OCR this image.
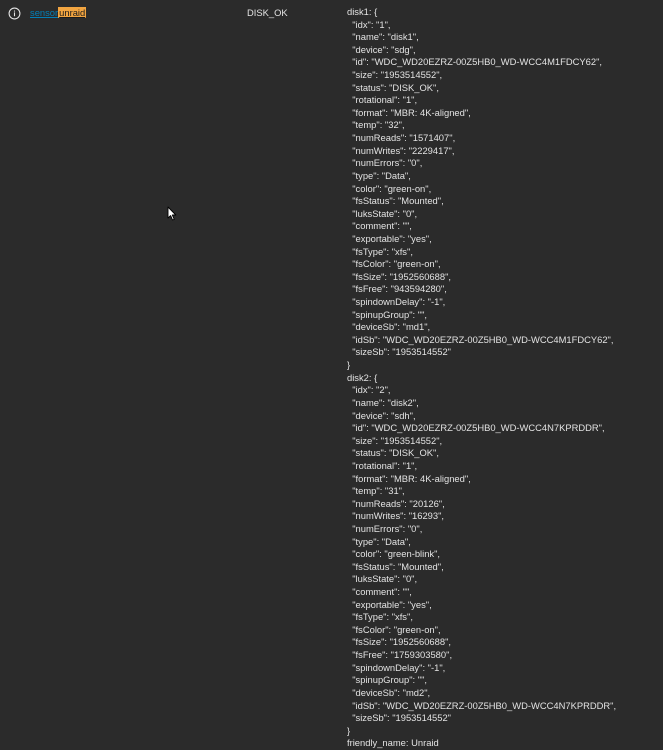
sensorunraid	DISK_OK	disk1: {
"idx": "1",
"name": "disk1",
"device": "sdg",
"id": "WDC_WD20EZRZ-00Z5HB0_WD-WCC4M1FDCY62",
"size": "1953514552",
"status": "DISK_OK",
"rotational": "1",
"format": "MBR: 4K-aligned",
"temp": "32",
"numReads": "1571407",
"numWrites": "2229417",
"numErrors": "0",
"type": "Data",
"color": "green-on",
"fsStatus": "Mounted",
"luksState": "0",
"comment": "",
"exportable": "yes",
"fsType": "xfs",
"fsColor": "green-on",
"fsSize": "1952560688",
"fsFree": "943594280",
"spindownDelay": "-1",
"spinupGroup": "",
"deviceSb": "md1",
"idSb": "WDC_WD20EZRZ-00Z5HB0_WD-WCC4M1FDCY62",
"sizeSb": "1953514552"
}
disk2: {
"idx": "2",
"name": "disk2",
"device": "sdh",
"id": "WDC_WD20EZRZ-00Z5HB0_WD-WCC4N7KPRDDR",
"size": "1953514552",
"status": "DISK_OK",
"rotational": "1",
"format": "MBR: 4K-aligned",
"temp": "31",
"numReads": "20126",
"numWrites": "16293",
"numErrors": "0",
"type": "Data",
"color": "green-blink",
"fsStatus": "Mounted",
"luksState": "0",
"comment": "",
"exportable": "yes",
"fsType": "xfs",
"fsColor": "green-on",
"fsSize": "1952560688",
"fsFree": "1759303580",
"spindownDelay": "-1",
"spinupGroup": "",
"deviceSb": "md2",
"idSb": "WDC_WD20EZRZ-00Z5HB0_WD-WCC4N7KPRDDR",
"sizeSb": "1953514552"
}
friendly_name: Unraid
